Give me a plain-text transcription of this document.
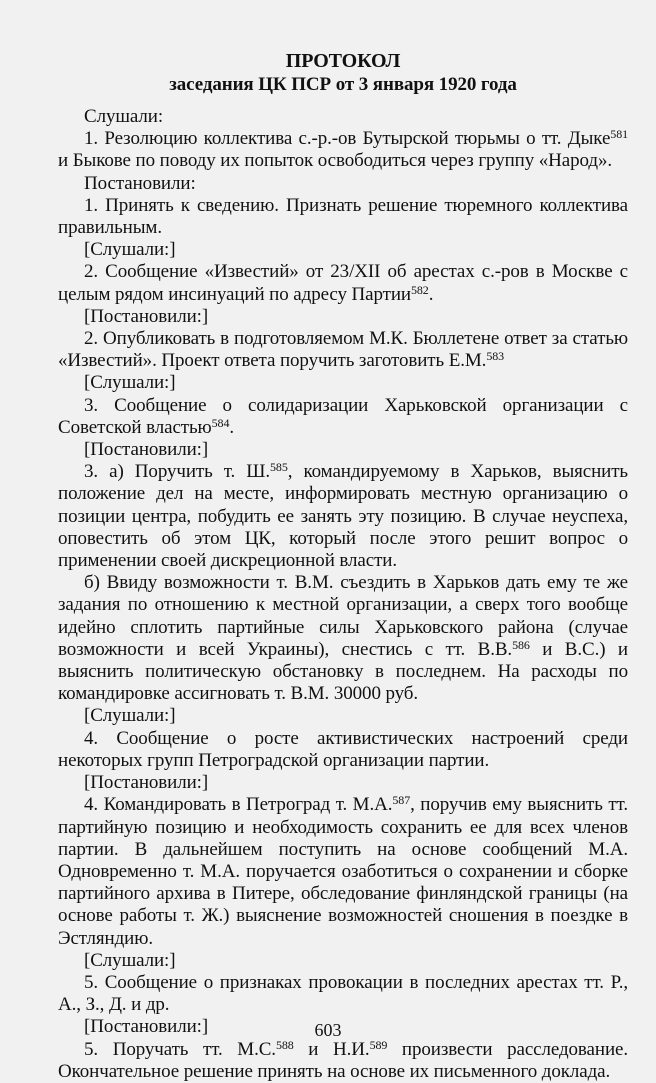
ПРОТОКОЛ
заседания ЦК ПСР от 3 января 1920 года
Слушали:
1. Резолюцию коллектива с.-р.-ов Бутырской тюрьмы о тт. Дыке$^{581}$ и Быкове по поводу их попыток освободиться через группу «Народ».
Постановили:
1. Принять к сведению. Признать решение тюремного коллектива правильным.
[Слушали:]
2. Сообщение «Известий» от 23/XII об арестах с.-ров в Москве с целым рядом инсинуаций по адресу Партии$^{582}$.
[Постановили:]
2. Опубликовать в подготовляемом М.К. Бюллетене ответ за статью «Известий». Проект ответа поручить заготовить Е.М.$^{583}$
[Слушали:]
3. Сообщение о солидаризации Харьковской организации с Советской властью$^{584}$.
[Постановили:]
3. а) Поручить т. Ш.$^{585}$, командируемому в Харьков, выяснить положение дел на месте, информировать местную организацию о позиции центра, побудить ее занять эту позицию. В случае неуспеха, оповестить об этом ЦК, который после этого решит вопрос о применении своей дискреционной власти.
б) Ввиду возможности т. В.М. съездить в Харьков дать ему те же задания по отношению к местной организации, а сверх того вообще идейно сплотить партийные силы Харьковского района (случае возможности и всей Украины), снестись с тт. В.В.$^{586}$ и В.С.) и выяснить политическую обстановку в последнем. На расходы по командировке ассигновать т. В.М. 30000 руб.
[Слушали:]
4. Сообщение о росте активистических настроений среди некоторых групп Петроградской организации партии.
[Постановили:]
4. Командировать в Петроград т. М.А.$^{587}$, поручив ему выяснить тт. партийную позицию и необходимость сохранить ее для всех членов партии. В дальнейшем поступить на основе сообщений М.А. Одновременно т. М.А. поручается озаботиться о сохранении и сборке партийного архива в Питере, обследование финляндской границы (на основе работы т. Ж.) выяснение возможностей сношения в поездке в Эстляндию.
[Слушали:]
5. Сообщение о признаках провокации в последних арестах тт. Р., А., З., Д. и др.
[Постановили:]
5. Поручать тт. М.С.$^{588}$ и Н.И.$^{589}$ произвести расследование. Окончательное решение принять на основе их письменного доклада.
603
